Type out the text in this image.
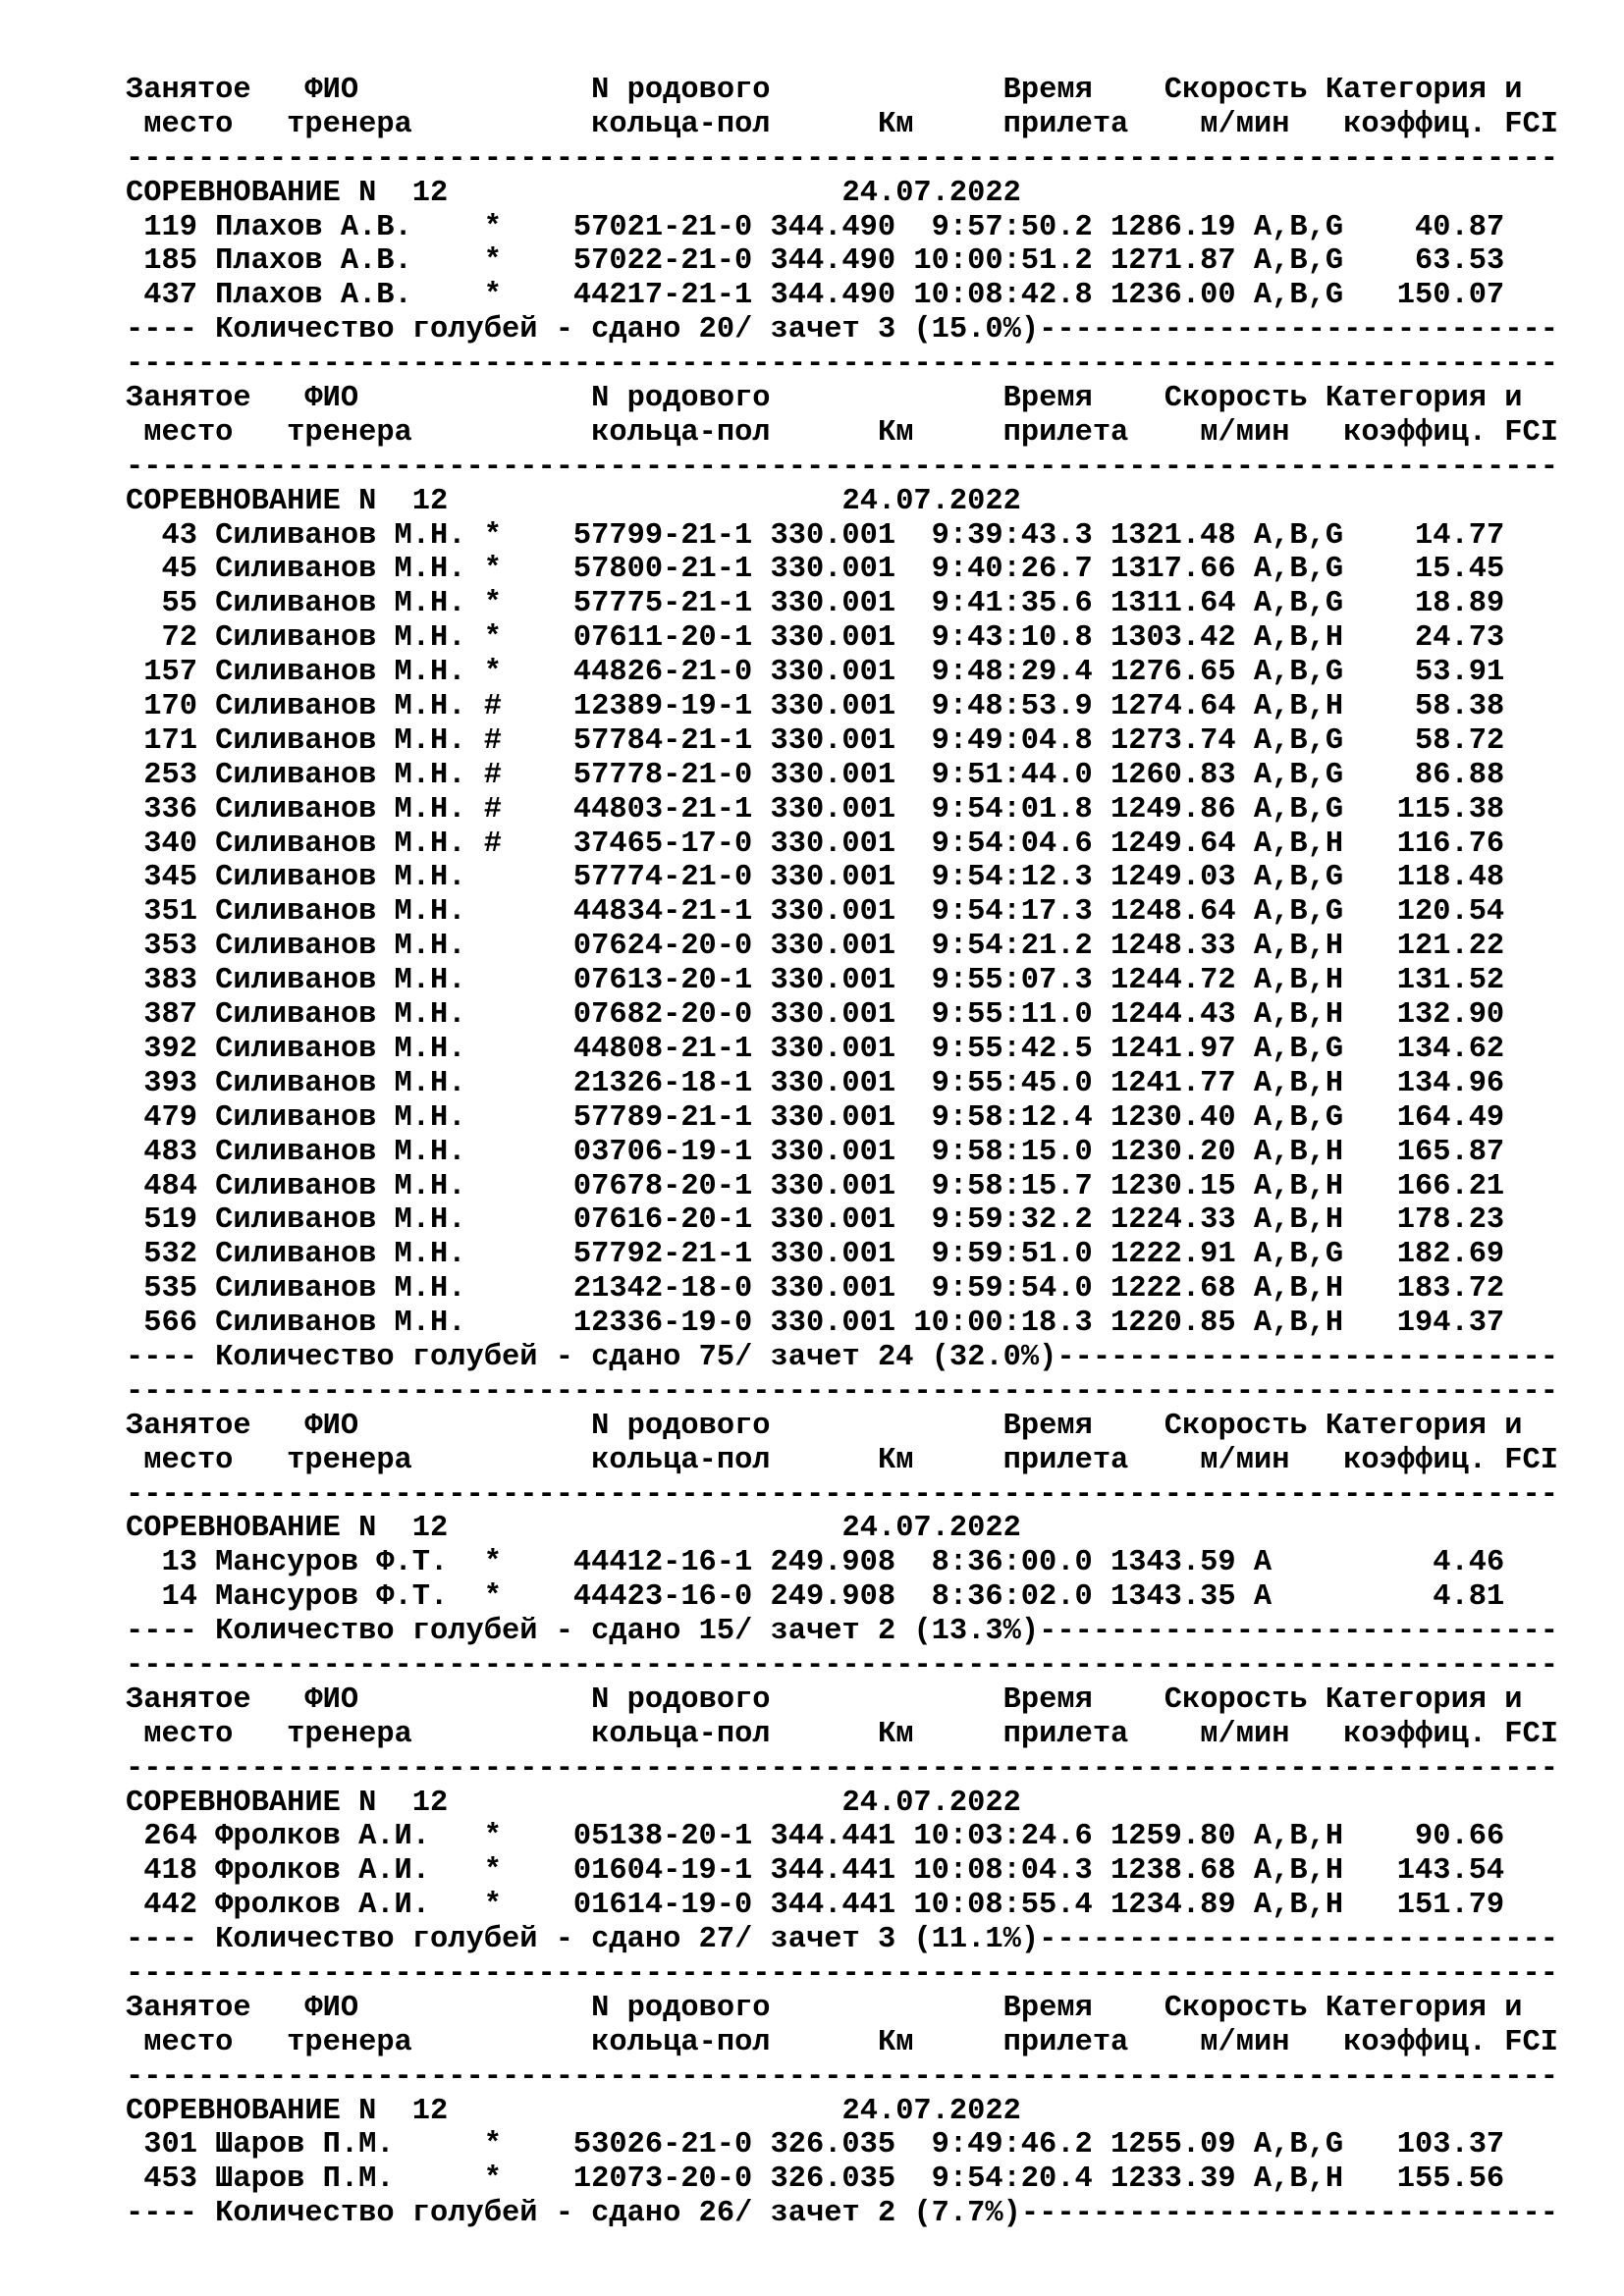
Занятое   ФИО             N родового             Время    Скорость Категория и
место   тренера          кольца-пол      Км     прилета    м/мин   коэффиц. FCI
--------------------------------------------------------------------------------
СОРЕВНОВАНИЕ N  12	24.07.2022
119 Плахов А.В. * 57021-21-0 344.490 9:57:50.2 1286.19 A,B,G 40.87
185 Плахов А.В. * 57022-21-0 344.490 10:00:51.2 1271.87 A,B,G 63.53
437 Плахов А.В. * 44217-21-1 344.490 10:08:42.8 1236.00 A,B,G 150.07
---- Количество голубей - сдано 20/ зачет 3 (15.0%)-----------------------------
--------------------------------------------------------------------------------
Занятое   ФИО             N родового             Время    Скорость Категория и
место   тренера          кольца-пол      Км     прилета    м/мин   коэффиц. FCI
--------------------------------------------------------------------------------
СОРЕВНОВАНИЕ N  12	24.07.2022
43 Силиванов М.Н. * 57799-21-1 330.001 9:39:43.3 1321.48 A,B,G 14.77
45 Силиванов М.Н. * 57800-21-1 330.001 9:40:26.7 1317.66 A,B,G 15.45
55 Силиванов М.Н. * 57775-21-1 330.001 9:41:35.6 1311.64 A,B,G 18.89
72 Силиванов М.Н. * 07611-20-1 330.001 9:43:10.8 1303.42 A,B,H 24.73
157 Силиванов М.Н. * 44826-21-0 330.001 9:48:29.4 1276.65 A,B,G 53.91
170 Силиванов М.Н. # 12389-19-1 330.001 9:48:53.9 1274.64 A,B,H 58.38
171 Силиванов М.Н. # 57784-21-1 330.001 9:49:04.8 1273.74 A,B,G 58.72
253 Силиванов М.Н. # 57778-21-0 330.001 9:51:44.0 1260.83 A,B,G 86.88
336 Силиванов М.Н. # 44803-21-1 330.001 9:54:01.8 1249.86 A,B,G 115.38
340 Силиванов М.Н. # 37465-17-0 330.001 9:54:04.6 1249.64 A,B,H 116.76
345 Силиванов М.Н.	57774-21-0 330.001 9:54:12.3 1249.03 A,B,G 118.48
351 Силиванов М.Н.	44834-21-1 330.001 9:54:17.3 1248.64 A,B,G 120.54
353 Силиванов М.Н.	07624-20-0 330.001 9:54:21.2 1248.33 A,B,H 121.22
383 Силиванов М.Н.	07613-20-1 330.001 9:55:07.3 1244.72 A,B,H 131.52
387 Силиванов М.Н.	07682-20-0 330.001 9:55:11.0 1244.43 A,B,H 132.90
392 Силиванов М.Н.	44808-21-1 330.001 9:55:42.5 1241.97 A,B,G 134.62
393 Силиванов М.Н.	21326-18-1 330.001 9:55:45.0 1241.77 A,B,H 134.96
479 Силиванов М.Н.	57789-21-1 330.001 9:58:12.4 1230.40 A,B,G 164.49
483 Силиванов М.Н.	03706-19-1 330.001 9:58:15.0 1230.20 A,B,H 165.87
484 Силиванов М.Н.	07678-20-1 330.001 9:58:15.7 1230.15 A,B,H 166.21
519 Силиванов М.Н.	07616-20-1 330.001 9:59:32.2 1224.33 A,B,H 178.23
532 Силиванов М.Н.	57792-21-1 330.001 9:59:51.0 1222.91 A,B,G 182.69
535 Силиванов М.Н.	21342-18-0 330.001 9:59:54.0 1222.68 A,B,H 183.72
566 Силиванов М.Н.	12336-19-0 330.001 10:00:18.3 1220.85 A,B,H 194.37
---- Количество голубей - сдано 75/ зачет 24 (32.0%)----------------------------
--------------------------------------------------------------------------------
Занятое   ФИО             N родового             Время    Скорость Категория и
место   тренера          кольца-пол      Км     прилета    м/мин   коэффиц. FCI
--------------------------------------------------------------------------------
СОРЕВНОВАНИЕ N  12	24.07.2022
13 Мансуров Ф.Т. * 44412-16-1 249.908 8:36:00.0 1343.59 A	4.46
14 Мансуров Ф.Т. * 44423-16-0 249.908 8:36:02.0 1343.35 A	4.81
---- Количество голубей - сдано 15/ зачет 2 (13.3%)-----------------------------
--------------------------------------------------------------------------------
Занятое   ФИО             N родового             Время    Скорость Категория и
место   тренера          кольца-пол      Км     прилета    м/мин   коэффиц. FCI
--------------------------------------------------------------------------------
СОРЕВНОВАНИЕ N  12	24.07.2022
264 Фролков А.И. * 05138-20-1 344.441 10:03:24.6 1259.80 A,B,H 90.66
418 Фролков А.И. * 01604-19-1 344.441 10:08:04.3 1238.68 A,B,H 143.54
442 Фролков А.И. * 01614-19-0 344.441 10:08:55.4 1234.89 A,B,H 151.79
---- Количество голубей - сдано 27/ зачет 3 (11.1%)-----------------------------
--------------------------------------------------------------------------------
Занятое   ФИО             N родового             Время    Скорость Категория и
место   тренера          кольца-пол      Км     прилета    м/мин   коэффиц. FCI
--------------------------------------------------------------------------------
СОРЕВНОВАНИЕ N  12	24.07.2022
301 Шаров П.М.	* 53026-21-0 326.035 9:49:46.2 1255.09 A,B,G 103.37
453 Шаров П.М.	* 12073-20-0 326.035 9:54:20.4 1233.39 A,B,H 155.56
---- Количество голубей - сдано 26/ зачет 2 (7.7%)------------------------------
